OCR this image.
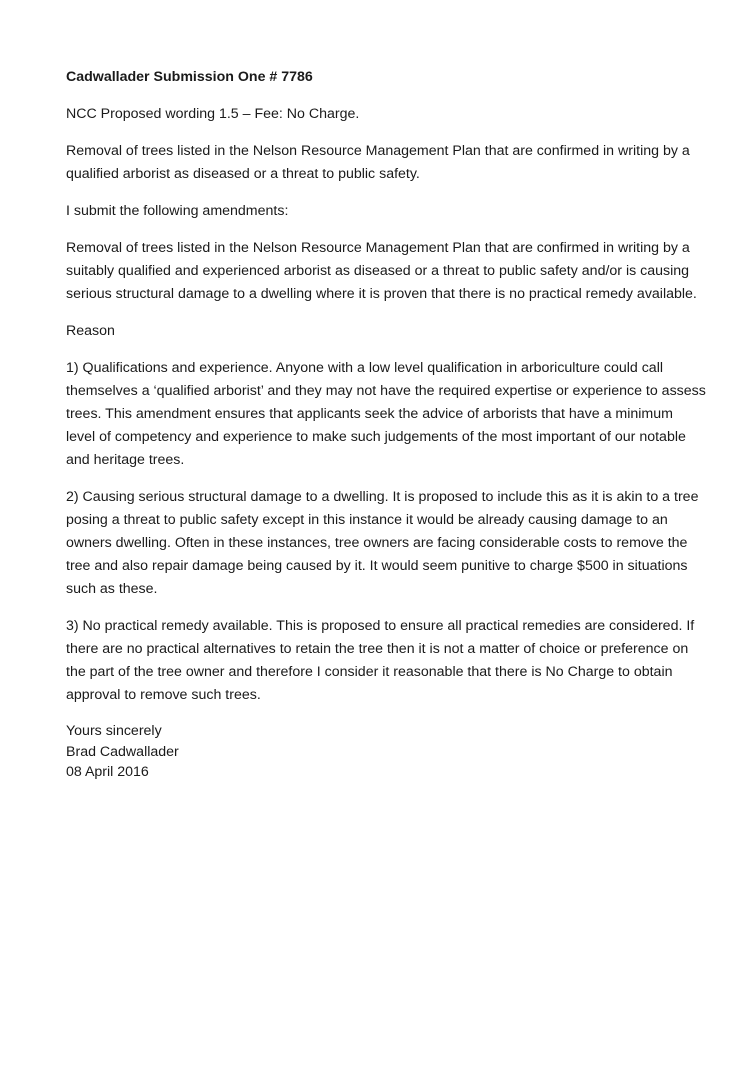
Cadwallader Submission One # 7786

NCC Proposed wording 1.5 – Fee: No Charge.

Removal of trees listed in the Nelson Resource Management Plan that are confirmed in writing by a qualified arborist as diseased or a threat to public safety.

I submit the following amendments:

Removal of trees listed in the Nelson Resource Management Plan that are confirmed in writing by a suitably qualified and experienced arborist as diseased or a threat to public safety and/or is causing serious structural damage to a dwelling where it is proven that there is no practical remedy available.

Reason

1) Qualifications and experience. Anyone with a low level qualification in arboriculture could call themselves a ‘qualified arborist’ and they may not have the required expertise or experience to assess trees. This amendment ensures that applicants seek the advice of arborists that have a minimum level of competency and experience to make such judgements of the most important of our notable and heritage trees.

2) Causing serious structural damage to a dwelling. It is proposed to include this as it is akin to a tree posing a threat to public safety except in this instance it would be already causing damage to an owners dwelling. Often in these instances, tree owners are facing considerable costs to remove the tree and also repair damage being caused by it. It would seem punitive to charge $500 in situations such as these.

3) No practical remedy available. This is proposed to ensure all practical remedies are considered. If there are no practical alternatives to retain the tree then it is not a matter of choice or preference on the part of the tree owner and therefore I consider it reasonable that there is No Charge to obtain approval to remove such trees.

Yours sincerely
Brad Cadwallader
08 April 2016
